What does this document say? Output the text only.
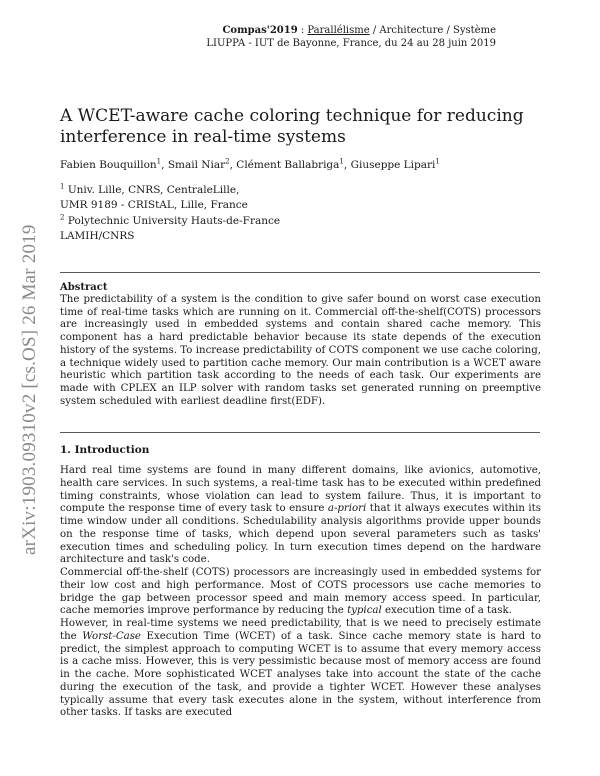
Compas'2019 : Parallélisme / Architecture / Système
LIUPPA - IUT de Bayonne, France, du 24 au 28 juin 2019
arXiv:1903.09310v2 [cs.OS] 26 Mar 2019
A WCET-aware cache coloring technique for reducing interference in real-time systems
Fabien Bouquillon$^1$, Smail Niar$^2$, Clément Ballabriga$^1$, Giuseppe Lipari$^1$
$^1$ Univ. Lille, CNRS, CentraleLille,
UMR 9189 - CRIStAL, Lille, France
$^2$ Polytechnic University Hauts-de-France
LAMIH/CNRS
Abstract
The predictability of a system is the condition to give safer bound on worst case execution time of real-time tasks which are running on it. Commercial off-the-shelf(COTS) processors are increasingly used in embedded systems and contain shared cache memory. This component has a hard predictable behavior because its state depends of the execution history of the systems. To increase predictability of COTS component we use cache coloring, a technique widely used to partition cache memory. Our main contribution is a WCET aware heuristic which partition task according to the needs of each task. Our experiments are made with CPLEX an ILP solver with random tasks set generated running on preemptive system scheduled with earliest deadline first(EDF).
1. Introduction

Hard real time systems are found in many different domains, like avionics, automotive, health care services. In such systems, a real-time task has to be executed within predefined timing constraints, whose violation can lead to system failure. Thus, it is important to compute the response time of every task to ensure a-priori that it always executes within its time window under all conditions. Schedulability analysis algorithms provide upper bounds on the response time of tasks, which depend upon several parameters such as tasks' execution times and scheduling policy. In turn execution times depend on the hardware architecture and task's code.

Commercial off-the-shelf (COTS) processors are increasingly used in embedded systems for their low cost and high performance. Most of COTS processors use cache memories to bridge the gap between processor speed and main memory access speed. In particular, cache memories improve performance by reducing the typical execution time of a task.

However, in real-time systems we need predictability, that is we need to precisely estimate the Worst-Case Execution Time (WCET) of a task. Since cache memory state is hard to predict, the simplest approach to computing WCET is to assume that every memory access is a cache miss. However, this is very pessimistic because most of memory access are found in the cache. More sophisticated WCET analyses take into account the state of the cache during the execution of the task, and provide a tighter WCET. However these analyses typically assume that every task executes alone in the system, without interference from other tasks. If tasks are executed
